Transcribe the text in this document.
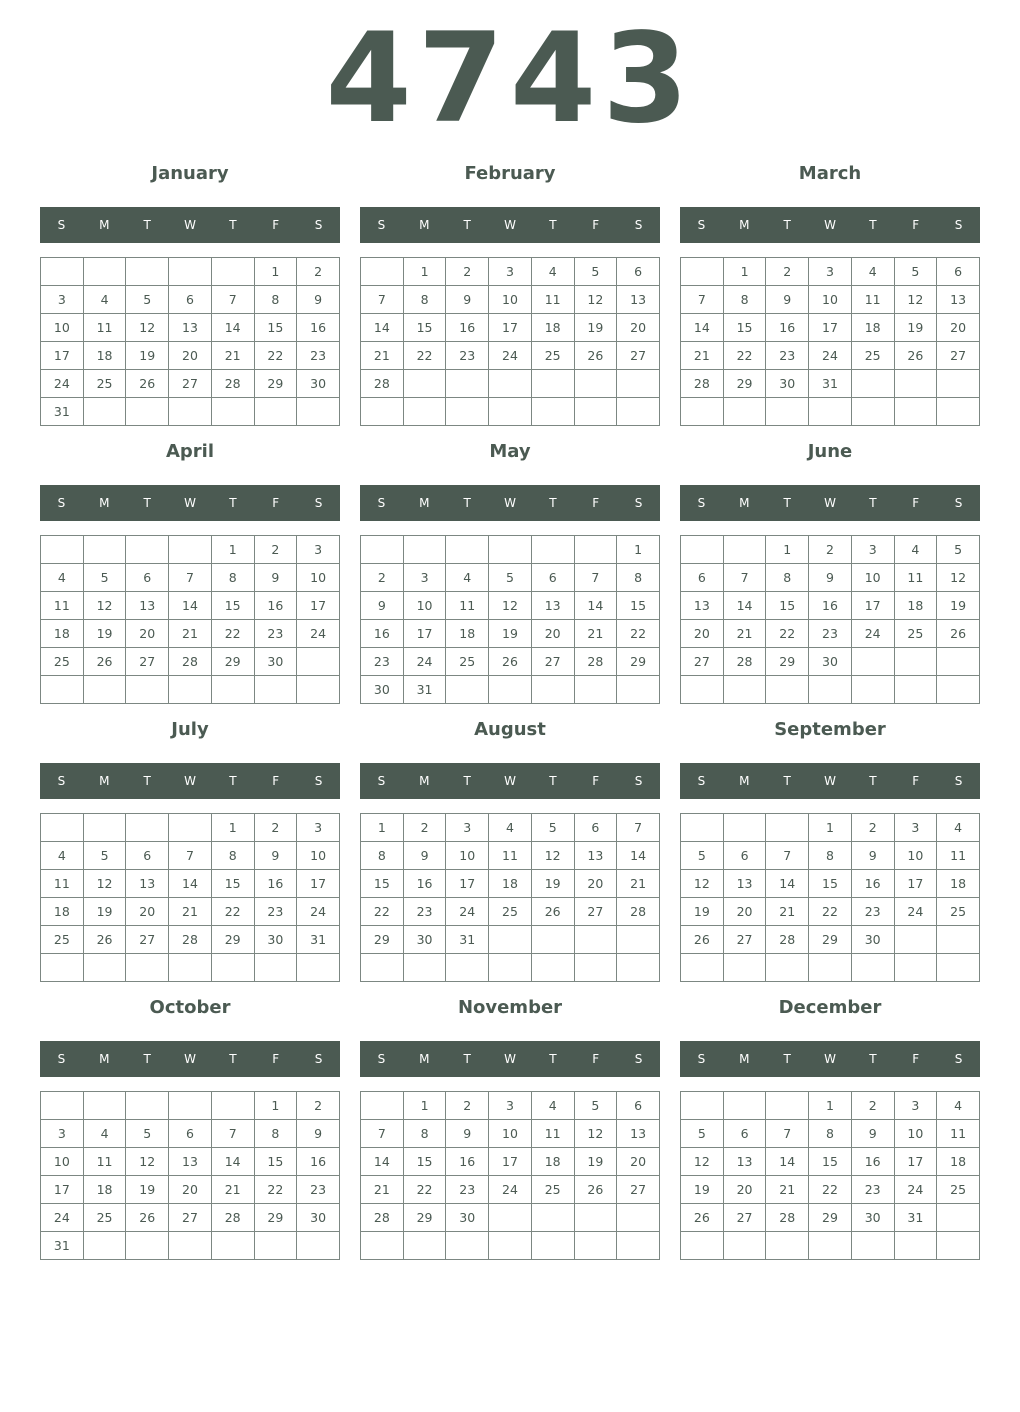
4743
January
S	M	T	W	T	F	S
					1	2
3	4	5	6	7	8	9
10	11	12	13	14	15	16
17	18	19	20	21	22	23
24	25	26	27	28	29	30
31						
February
S	M	T	W	T	F	S
	1	2	3	4	5	6
7	8	9	10	11	12	13
14	15	16	17	18	19	20
21	22	23	24	25	26	27
28						

March
S	M	T	W	T	F	S
	1	2	3	4	5	6
7	8	9	10	11	12	13
14	15	16	17	18	19	20
21	22	23	24	25	26	27
28	29	30	31			

April
S	M	T	W	T	F	S
				1	2	3
4	5	6	7	8	9	10
11	12	13	14	15	16	17
18	19	20	21	22	23	24
25	26	27	28	29	30	

May
S	M	T	W	T	F	S
						1
2	3	4	5	6	7	8
9	10	11	12	13	14	15
16	17	18	19	20	21	22
23	24	25	26	27	28	29
30	31					
June
S	M	T	W	T	F	S
		1	2	3	4	5
6	7	8	9	10	11	12
13	14	15	16	17	18	19
20	21	22	23	24	25	26
27	28	29	30			

July
S	M	T	W	T	F	S
				1	2	3
4	5	6	7	8	9	10
11	12	13	14	15	16	17
18	19	20	21	22	23	24
25	26	27	28	29	30	31

August
S	M	T	W	T	F	S
1	2	3	4	5	6	7
8	9	10	11	12	13	14
15	16	17	18	19	20	21
22	23	24	25	26	27	28
29	30	31				

September
S	M	T	W	T	F	S
			1	2	3	4
5	6	7	8	9	10	11
12	13	14	15	16	17	18
19	20	21	22	23	24	25
26	27	28	29	30		

October
S	M	T	W	T	F	S
					1	2
3	4	5	6	7	8	9
10	11	12	13	14	15	16
17	18	19	20	21	22	23
24	25	26	27	28	29	30
31						
November
S	M	T	W	T	F	S
	1	2	3	4	5	6
7	8	9	10	11	12	13
14	15	16	17	18	19	20
21	22	23	24	25	26	27
28	29	30				

December
S	M	T	W	T	F	S
			1	2	3	4
5	6	7	8	9	10	11
12	13	14	15	16	17	18
19	20	21	22	23	24	25
26	27	28	29	30	31	
